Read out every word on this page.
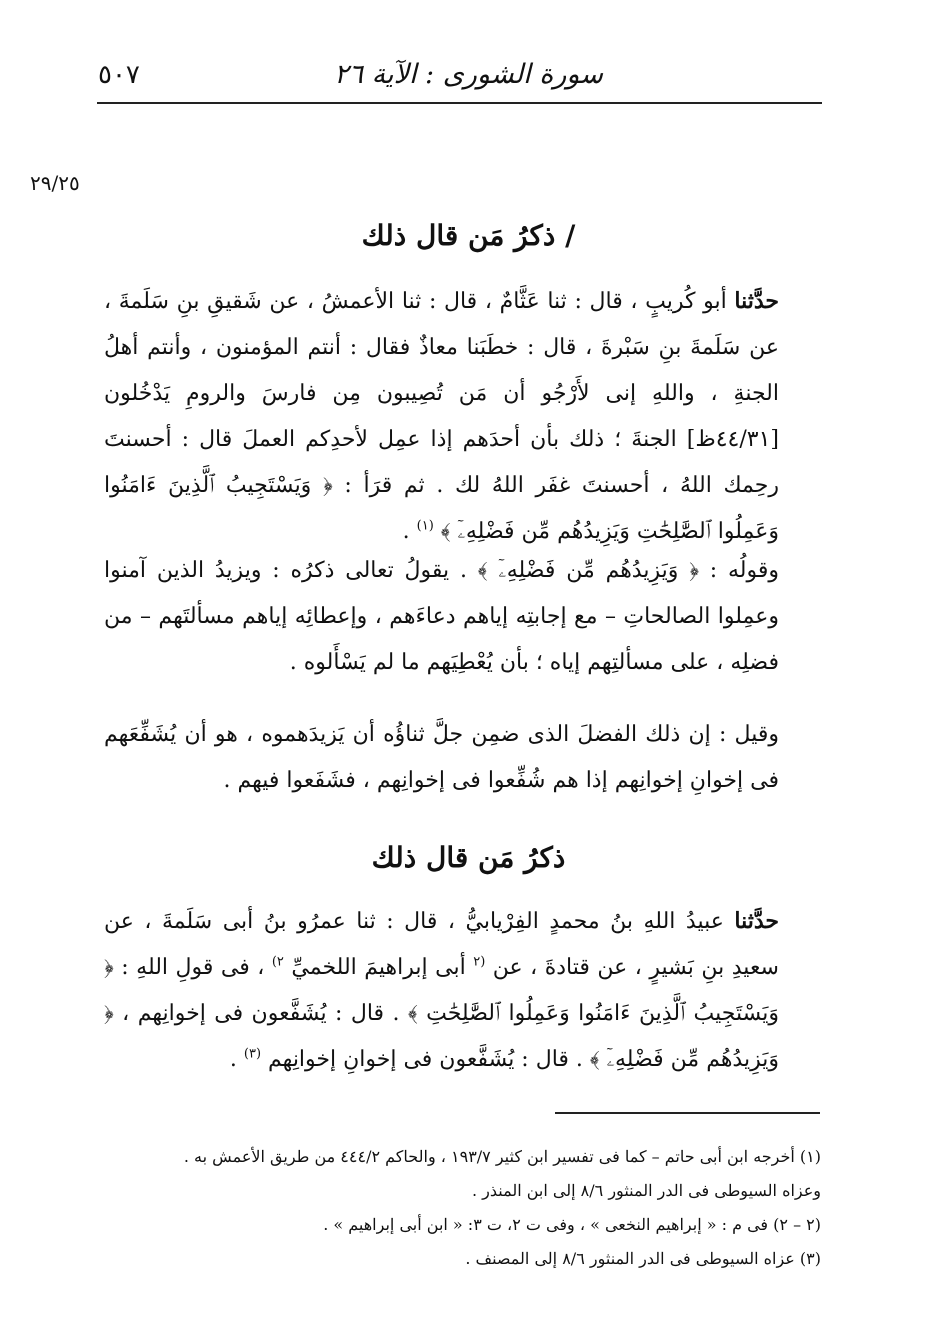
سورة الشورى : الآية ٢٦
٥٠٧
٢٩/٢٥
/ ذكرُ مَن قال ذلك
حدَّثنا أبو كُريبٍ ، قال : ثنا عَثَّامٌ ، قال : ثنا الأعمشُ ، عن شَقيقِ بنِ سَلَمةَ ، عن سَلَمةَ بنِ سَبْرةَ ، قال : خطَبَنا معاذٌ فقال : أنتم المؤمنون ، وأنتم أهلُ الجنةِ ، واللهِ إنى لأَرْجُو أن مَن تُصِيبون مِن فارسَ والرومِ يَدْخُلون [٤٤/٣١ظ] الجنةَ ؛ ذلك بأن أحدَهم إذا عمِل لأحدِكم العملَ قال : أحسنتَ رحِمك اللهُ ، أحسنتَ غفَر اللهُ لك . ثم قرَأ : ﴿ وَيَسْتَجِيبُ ٱلَّذِينَ ءَامَنُوا وَعَمِلُوا ٱلصَّٰلِحَٰتِ وَيَزِيدُهُم مِّن فَضْلِهِۦٓ ﴾ $^{(١)}$ .
وقولُه : ﴿ وَيَزِيدُهُم مِّن فَضْلِهِۦٓ ﴾ . يقولُ تعالى ذكرُه : ويزيدُ الذين آمنوا وعمِلوا الصالحاتِ – مع إجابتِه إياهم دعاءَهم ، وإعطائِه إياهم مسألتَهم – من فضلِه ، على مسألتِهم إياه ؛ بأن يُعْطِيَهم ما لم يَسْأَلوه .
وقيل : إن ذلك الفضلَ الذى ضمِن جلَّ ثناؤُه أن يَزيدَهموه ، هو أن يُشَفِّعَهم فى إخوانِ إخوانِهم إذا هم شُفِّعوا فى إخوانِهم ، فشَفَعوا فيهم .
ذكرُ مَن قال ذلك
حدَّثنا عبيدُ اللهِ بنُ محمدٍ الفِرْيابيُّ ، قال : ثنا عمرُو بنُ أبى سَلَمةَ ، عن سعيدِ بنِ بَشيرٍ ، عن قتادةَ ، عن $^{(٢}$ أبى إبراهيمَ اللخميِّ $^{٢)}$ ، فى قولِ اللهِ : ﴿ وَيَسْتَجِيبُ ٱلَّذِينَ ءَامَنُوا وَعَمِلُوا ٱلصَّٰلِحَٰتِ ﴾ . قال : يُشَفَّعون فى إخوانِهم ، ﴿ وَيَزِيدُهُم مِّن فَضْلِهِۦٓ ﴾ . قال : يُشَفَّعون فى إخوانِ إخوانِهم $^{(٣)}$ .
(١) أخرجه ابن أبى حاتم – كما فى تفسير ابن كثير ١٩٣/٧ ، والحاكم ٤٤٤/٢ من طريق الأعمش به .
وعزاه السيوطى فى الدر المنثور ٨/٦ إلى ابن المنذر .
(٢ – ٢) فى م : « إبراهيم النخعى » ، وفى ت ٢، ت ٣: « ابن أبى إبراهيم » .
(٣) عزاه السيوطى فى الدر المنثور ٨/٦ إلى المصنف .
